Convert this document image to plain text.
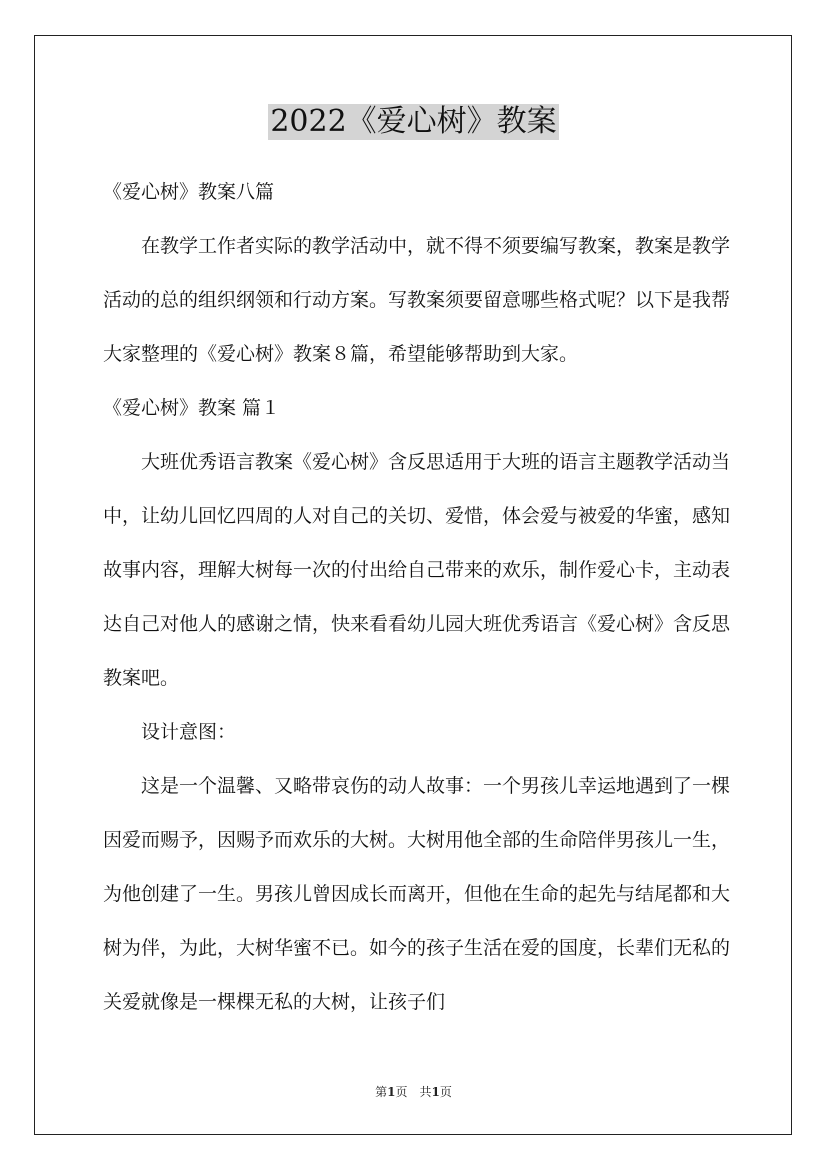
2022《爱心树》教案

《爱心树》教案八篇

在教学工作者实际的教学活动中，就不得不须要编写教案，教案是教学活动的总的组织纲领和行动方案。写教案须要留意哪些格式呢？以下是我帮大家整理的《爱心树》教案８篇，希望能够帮助到大家。

《爱心树》教案 篇１

大班优秀语言教案《爱心树》含反思适用于大班的语言主题教学活动当中，让幼儿回忆四周的人对自己的关切、爱惜，体会爱与被爱的华蜜，感知故事内容，理解大树每一次的付出给自己带来的欢乐，制作爱心卡，主动表达自己对他人的感谢之情，快来看看幼儿园大班优秀语言《爱心树》含反思教案吧。

设计意图：

这是一个温馨、又略带哀伤的动人故事：一个男孩儿幸运地遇到了一棵因爱而赐予，因赐予而欢乐的大树。大树用他全部的生命陪伴男孩儿一生，为他创建了一生。男孩儿曾因成长而离开，但他在生命的起先与结尾都和大树为伴，为此，大树华蜜不已。如今的孩子生活在爱的国度，长辈们无私的关爱就像是一棵棵无私的大树，让孩子们

第1页　共1页
